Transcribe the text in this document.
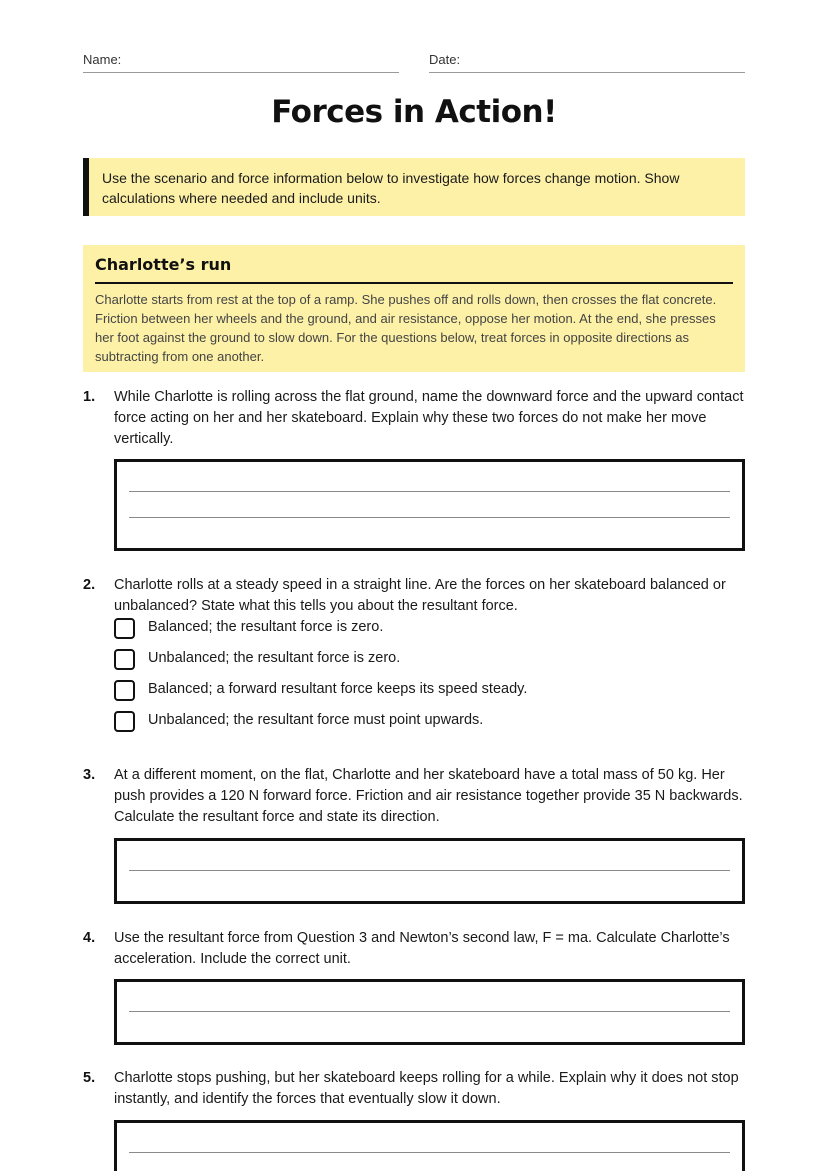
Name:	Date:
Forces in Action!
Use the scenario and force information below to investigate how forces change motion. Show calculations where needed and include units.
Charlotte’s run
Charlotte starts from rest at the top of a ramp. She pushes off and rolls down, then crosses the flat concrete. Friction between her wheels and the ground, and air resistance, oppose her motion. At the end, she presses her foot against the ground to slow down. For the questions below, treat forces in opposite directions as subtracting from one another.
1. While Charlotte is rolling across the flat ground, name the downward force and the upward contact force acting on her and her skateboard. Explain why these two forces do not make her move vertically.
2. Charlotte rolls at a steady speed in a straight line. Are the forces on her skateboard balanced or unbalanced? State what this tells you about the resultant force.
Balanced; the resultant force is zero.
Unbalanced; the resultant force is zero.
Balanced; a forward resultant force keeps its speed steady.
Unbalanced; the resultant force must point upwards.
3. At a different moment, on the flat, Charlotte and her skateboard have a total mass of 50 kg. Her push provides a 120 N forward force. Friction and air resistance together provide 35 N backwards. Calculate the resultant force and state its direction.
4. Use the resultant force from Question 3 and Newton’s second law, F = ma. Calculate Charlotte’s acceleration. Include the correct unit.
5. Charlotte stops pushing, but her skateboard keeps rolling for a while. Explain why it does not stop instantly, and identify the forces that eventually slow it down.
